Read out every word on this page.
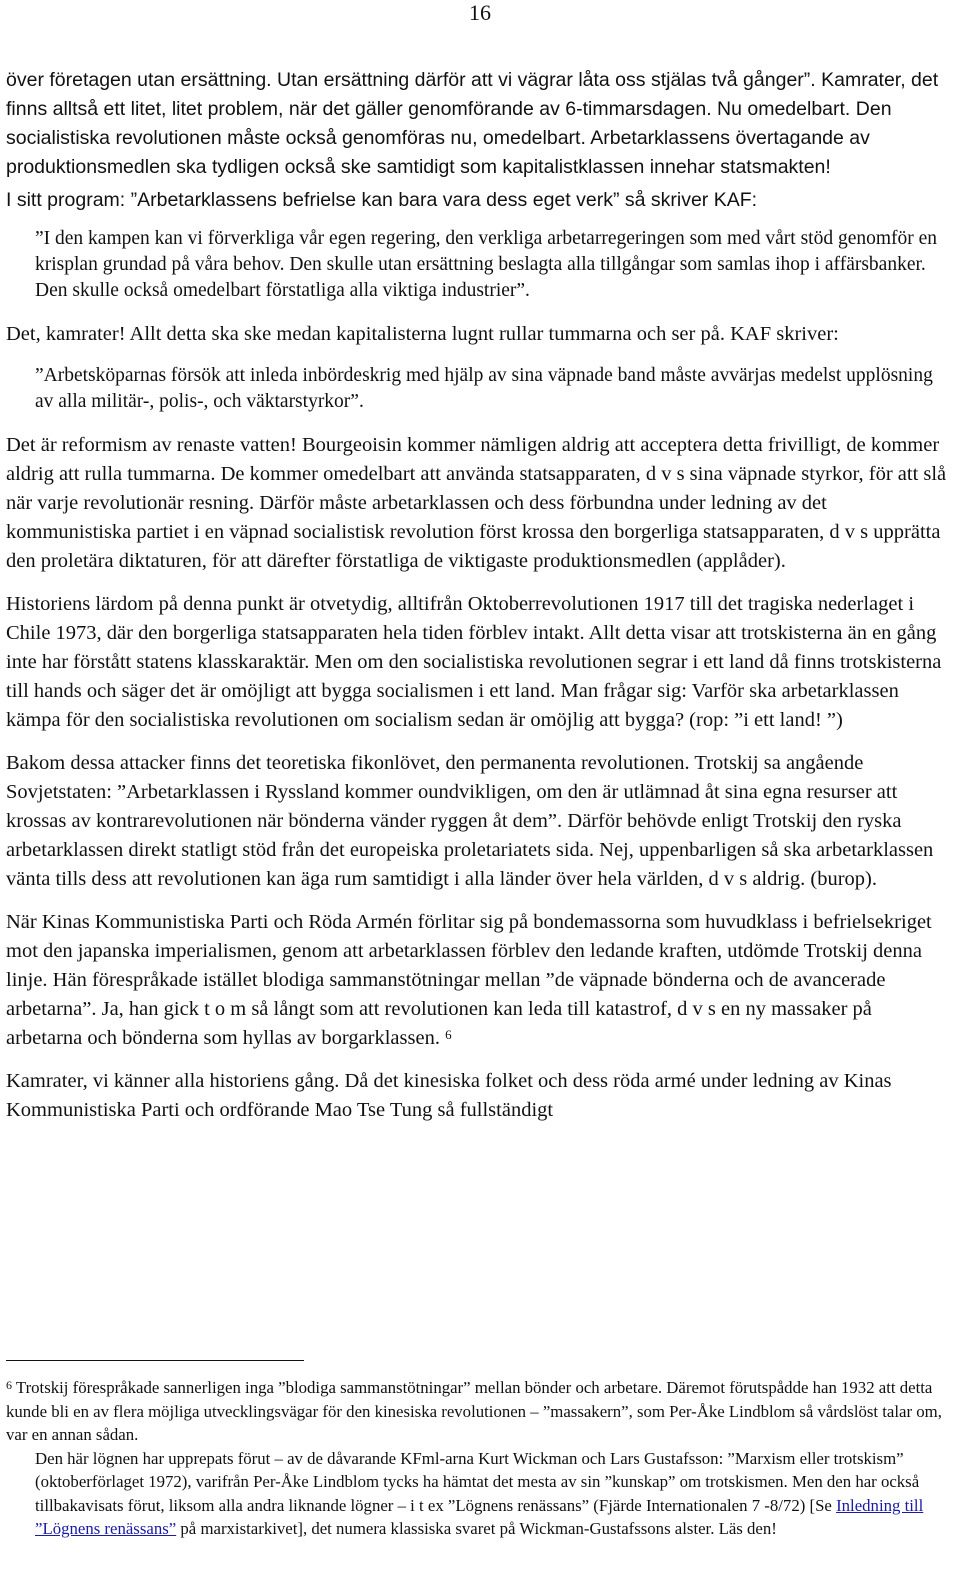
16

över företagen utan ersättning. Utan ersättning därför att vi vägrar låta oss stjälas två gånger”. Kamrater, det finns alltså ett litet, litet problem, när det gäller genomförande av 6-timmarsdagen. Nu omedelbart. Den socialistiska revolutionen måste också genomföras nu, omedelbart. Arbetarklassens övertagande av produktionsmedlen ska tydligen också ske samtidigt som kapitalistklassen innehar statsmakten!

I sitt program: ”Arbetarklassens befrielse kan bara vara dess eget verk” så skriver KAF:

”I den kampen kan vi förverkliga vår egen regering, den verkliga arbetarregeringen som med vårt stöd genomför en krisplan grundad på våra behov. Den skulle utan ersättning beslagta alla tillgångar som samlas ihop i affärsbanker. Den skulle också omedelbart förstatliga alla viktiga industrier”.

Det, kamrater! Allt detta ska ske medan kapitalisterna lugnt rullar tummarna och ser på. KAF skriver:

”Arbetsköparnas försök att inleda inbördeskrig med hjälp av sina väpnade band måste avvärjas medelst upplösning av alla militär-, polis-, och väktarstyrkor”.

Det är reformism av renaste vatten! Bourgeoisin kommer nämligen aldrig att acceptera detta frivilligt, de kommer aldrig att rulla tummarna. De kommer omedelbart att använda statsapparaten, d v s sina väpnade styrkor, för att slå när varje revolutionär resning. Därför måste arbetarklassen och dess förbundna under ledning av det kommunistiska partiet i en väpnad socialistisk revolution först krossa den borgerliga statsapparaten, d v s upprätta den proletära diktaturen, för att därefter förstatliga de viktigaste produktionsmedlen (applåder).

Historiens lärdom på denna punkt är otvetydig, alltifrån Oktoberrevolutionen 1917 till det tragiska nederlaget i Chile 1973, där den borgerliga statsapparaten hela tiden förblev intakt. Allt detta visar att trotskisterna än en gång inte har förstått statens klasskaraktär. Men om den socialistiska revolutionen segrar i ett land då finns trotskisterna till hands och säger det är omöjligt att bygga socialismen i ett land. Man frågar sig: Varför ska arbetarklassen kämpa för den socialistiska revolutionen om socialism sedan är omöjlig att bygga? (rop: ”i ett land! ”)

Bakom dessa attacker finns det teoretiska fikonlövet, den permanenta revolutionen. Trotskij sa angående Sovjetstaten: ”Arbetarklassen i Ryssland kommer oundvikligen, om den är utlämnad åt sina egna resurser att krossas av kontrarevolutionen när bönderna vänder ryggen åt dem”. Därför behövde enligt Trotskij den ryska arbetarklassen direkt statligt stöd från det europeiska proletariatets sida. Nej, uppenbarligen så ska arbetarklassen vänta tills dess att revolutionen kan äga rum samtidigt i alla länder över hela världen, d v s aldrig. (burop).

När Kinas Kommunistiska Parti och Röda Armén förlitar sig på bondemassorna som huvudklass i befrielsekriget mot den japanska imperialismen, genom att arbetarklassen förblev den ledande kraften, utdömde Trotskij denna linje. Hän förespråkade istället blodiga sammanstötningar mellan ”de väpnade bönderna och de avancerade arbetarna”. Ja, han gick t o m så långt som att revolutionen kan leda till katastrof, d v s en ny massaker på arbetarna och bönderna som hyllas av borgarklassen. $^6$

Kamrater, vi känner alla historiens gång. Då det kinesiska folket och dess röda armé under ledning av Kinas Kommunistiska Parti och ordförande Mao Tse Tung så fullständigt

$^6$ Trotskij förespråkade sannerligen inga ”blodiga sammanstötningar” mellan bönder och arbetare. Däremot förutspådde han 1932 att detta kunde bli en av flera möjliga utvecklingsvägar för den kinesiska revolutionen – ”massakern”, som Per-Åke Lindblom så vårdslöst talar om, var en annan sådan.
Den här lögnen har upprepats förut – av de dåvarande KFml-arna Kurt Wickman och Lars Gustafsson: ”Marxism eller trotskism” (oktoberförlaget 1972), varifrån Per-Åke Lindblom tycks ha hämtat det mesta av sin ”kunskap” om trotskismen. Men den har också tillbakavisats förut, liksom alla andra liknande lögner – i t ex ”Lögnens renässans” (Fjärde Internationalen 7 -8/72) [Se Inledning till ”Lögnens renässans” på marxistarkivet], det numera klassiska svaret på Wickman-Gustafssons alster. Läs den!
